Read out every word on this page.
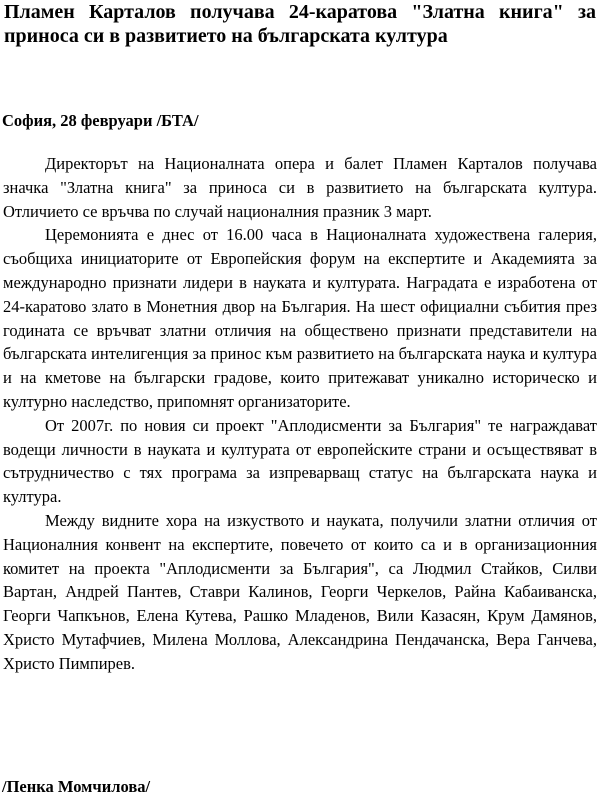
Пламен Карталов получава 24-каратова "Златна книга" за приноса си в развитието на българската култура

София, 28 февруари /БТА/

Директорът на Националната опера и балет Пламен Карталов получава значка "Златна книга" за приноса си в развитието на българската култура. Отличието се връчва по случай националния празник 3 март.

Церемонията е днес от 16.00 часа в Националната художествена галерия, съобщиха инициаторите от Европейския форум на експертите и Академията за международно признати лидери в науката и културата. Наградата е изработена от 24-каратово злато в Монетния двор на България. На шест официални събития през годината се връчват златни отличия на обществено признати представители на българската интелигенция за принос към развитието на българската наука и култура и на кметове на български градове, които притежават уникално историческо и културно наследство, припомнят организаторите.

От 2007г. по новия си проект "Аплодисменти за България" те награждават водещи личности в науката и културата от европейските страни и осъществяват в сътрудничество с тях програма за изпреварващ статус на българската наука и култура.

Между видните хора на изкуството и науката, получили златни отличия от Националния конвент на експертите, повечето от които са и в организационния комитет на проекта "Аплодисменти за България", са Людмил Стайков, Силви Вартан, Андрей Пантев, Ставри Калинов, Георги Черкелов, Райна Кабаиванска, Георги Чапкънов, Елена Кутева, Рашко Младенов, Вили Казасян, Крум Дамянов, Христо Мутафчиев, Милена Моллова, Александрина Пендачанска, Вера Ганчева, Христо Пимпирев.

/Пенка Момчилова/
